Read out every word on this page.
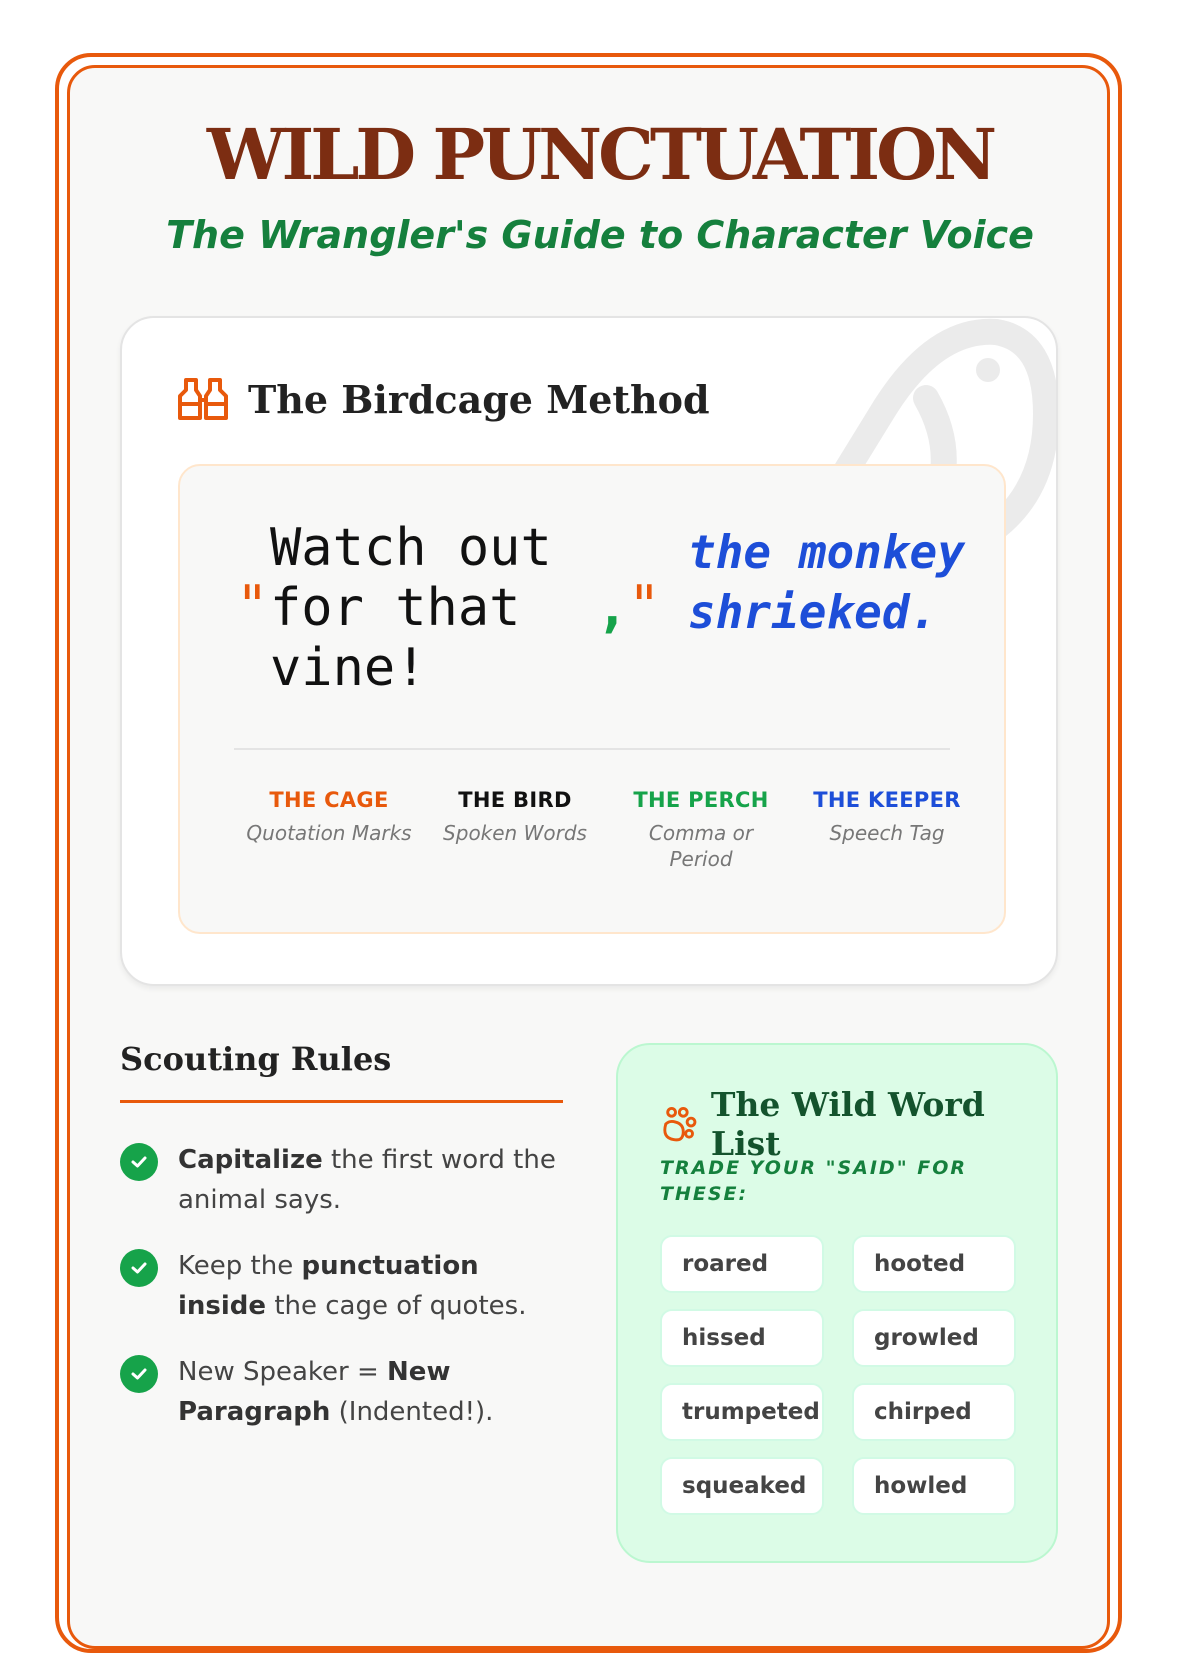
WILD PUNCTUATION
The Wrangler's Guide to Character Voice
The Birdcage Method
"
Watch out for that vine!
, "
the monkey shrieked.
THE CAGE
Quotation Marks
THE BIRD
Spoken Words
THE PERCH
Comma or Period
THE KEEPER
Speech Tag
Scouting Rules
Capitalize the first word the animal says.
Keep the punctuation inside the cage of quotes.
New Speaker = New Paragraph (Indented!).
The Wild Word List
TRADE YOUR "SAID" FOR THESE:
roared	hooted
hissed	growled
trumpeted	chirped
squeaked	howled
